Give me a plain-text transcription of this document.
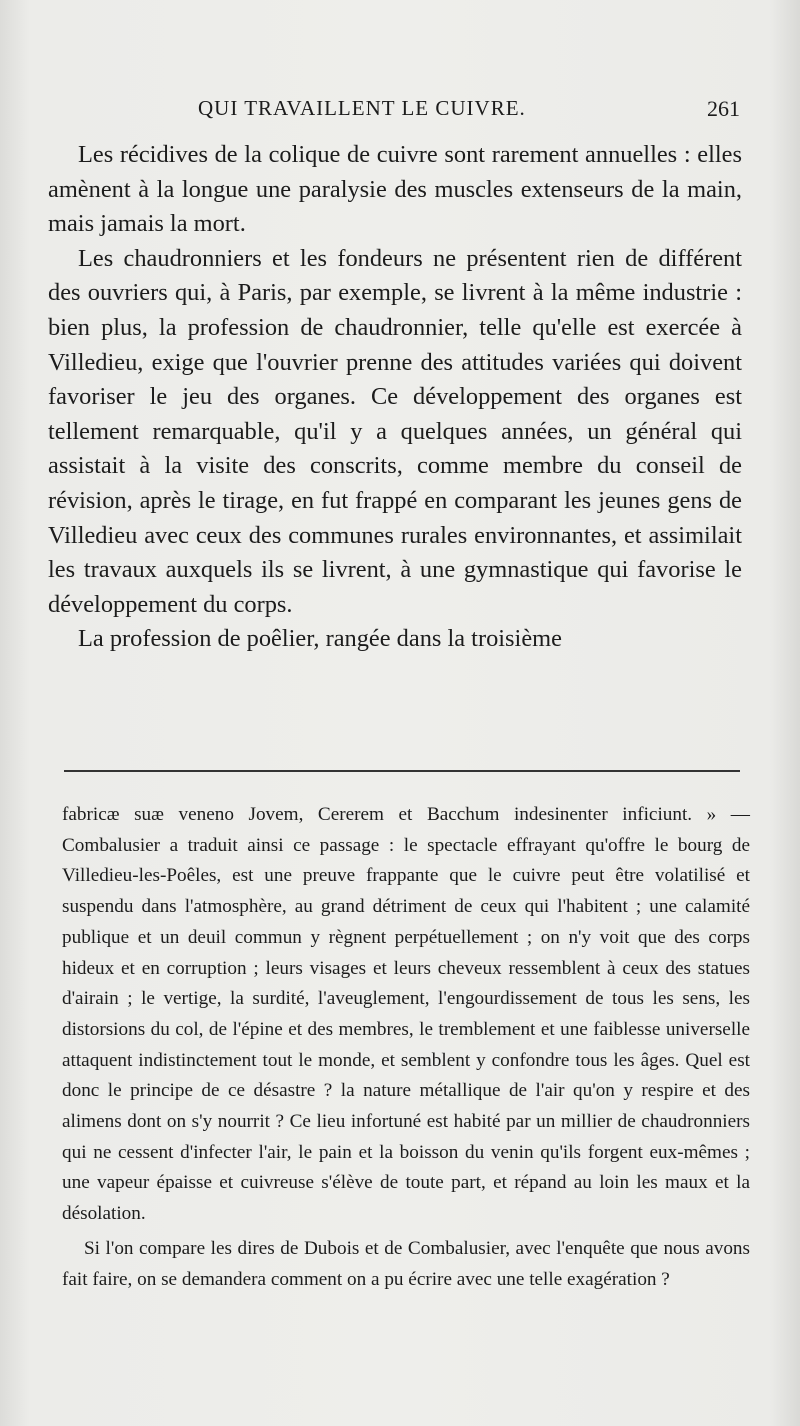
QUI TRAVAILLENT LE CUIVRE.	261

Les récidives de la colique de cuivre sont rarement annuelles : elles amènent à la longue une paralysie des muscles extenseurs de la main, mais jamais la mort.

Les chaudronniers et les fondeurs ne présentent rien de différent des ouvriers qui, à Paris, par exemple, se livrent à la même industrie : bien plus, la profession de chaudronnier, telle qu'elle est exercée à Villedieu, exige que l'ouvrier prenne des attitudes variées qui doivent favoriser le jeu des organes. Ce développement des organes est tellement remarquable, qu'il y a quelques années, un général qui assistait à la visite des conscrits, comme membre du conseil de révision, après le tirage, en fut frappé en comparant les jeunes gens de Villedieu avec ceux des communes rurales environnantes, et assimilait les travaux auxquels ils se livrent, à une gymnastique qui favorise le développement du corps.

La profession de poêlier, rangée dans la troisième

fabricæ suæ veneno Jovem, Cererem et Bacchum indesinenter inficiunt. » — Combalusier a traduit ainsi ce passage : le spectacle effrayant qu'offre le bourg de Villedieu-les-Poêles, est une preuve frappante que le cuivre peut être volatilisé et suspendu dans l'atmosphère, au grand détriment de ceux qui l'habitent ; une calamité publique et un deuil commun y règnent perpétuellement ; on n'y voit que des corps hideux et en corruption ; leurs visages et leurs cheveux ressemblent à ceux des statues d'airain ; le vertige, la surdité, l'aveuglement, l'engourdissement de tous les sens, les distorsions du col, de l'épine et des membres, le tremblement et une faiblesse universelle attaquent indistinctement tout le monde, et semblent y confondre tous les âges. Quel est donc le principe de ce désastre ? la nature métallique de l'air qu'on y respire et des alimens dont on s'y nourrit ? Ce lieu infortuné est habité par un millier de chaudronniers qui ne cessent d'infecter l'air, le pain et la boisson du venin qu'ils forgent eux-mêmes ; une vapeur épaisse et cuivreuse s'élève de toute part, et répand au loin les maux et la désolation.

Si l'on compare les dires de Dubois et de Combalusier, avec l'enquête que nous avons fait faire, on se demandera comment on a pu écrire avec une telle exagération ?
